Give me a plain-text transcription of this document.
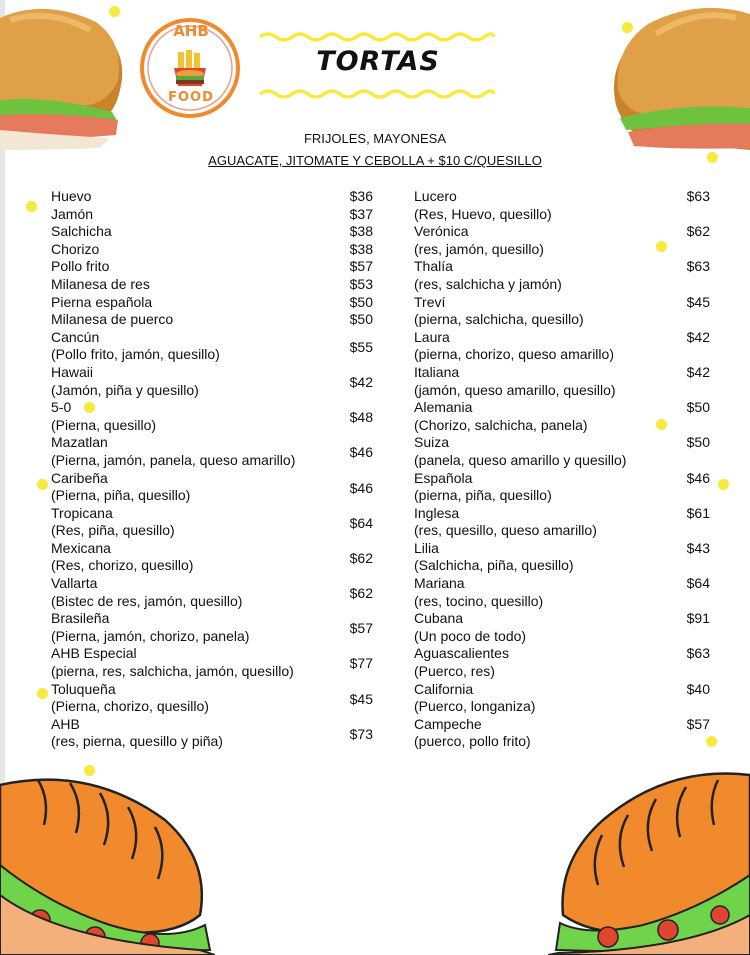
AHB
FOOD
TORTAS
FRIJOLES, MAYONESA
AGUACATE, JITOMATE Y CEBOLLA + $10 C/QUESILLO
Huevo	$36
Jamón	$37
Salchicha	$38
Chorizo	$38
Pollo frito	$57
Milanesa de res	$53
Pierna española	$50
Milanesa de puerco	$50
Cancún
(Pollo frito, jamón, quesillo)	$55
Hawaii
(Jamón, piña y quesillo)	$42
5-0
(Pierna, quesillo)	$48
Mazatlan
(Pierna, jamón, panela, queso amarillo)	$46
Caribeña
(Pierna, piña, quesillo)	$46
Tropicana
(Res, piña, quesillo)	$64
Mexicana
(Res, chorizo, quesillo)	$62
Vallarta
(Bistec de res, jamón, quesillo)	$62
Brasileña
(Pierna, jamón, chorizo, panela)	$57
AHB Especial
(pierna, res, salchicha, jamón, quesillo)	$77
Toluqueña
(Pierna, chorizo, quesillo)	$45
AHB
(res, pierna, quesillo y piña)	$73
Lucero
(Res, Huevo, quesillo)
$63
Verónica
(res, jamón, quesillo)
$62
Thalía
(res, salchicha y jamón)
$63
Treví
(pierna, salchicha, quesillo)
$45
Laura
(pierna, chorizo, queso amarillo)
$42
Italiana
(jamón, queso amarillo, quesillo)
$42
Alemania
(Chorizo, salchicha, panela)
$50
Suiza
(panela, queso amarillo y quesillo)
$50
Española
(pierna, piña, quesillo)
$46
Inglesa
(res, quesillo, queso amarillo)
$61
Lilia
(Salchicha, piña, quesillo)
$43
Mariana
(res, tocino, quesillo)
$64
Cubana
(Un poco de todo)
$91
Aguascalientes
(Puerco, res)
$63
California
(Puerco, longaniza)
$40
Campeche
(puerco, pollo frito)
$57
